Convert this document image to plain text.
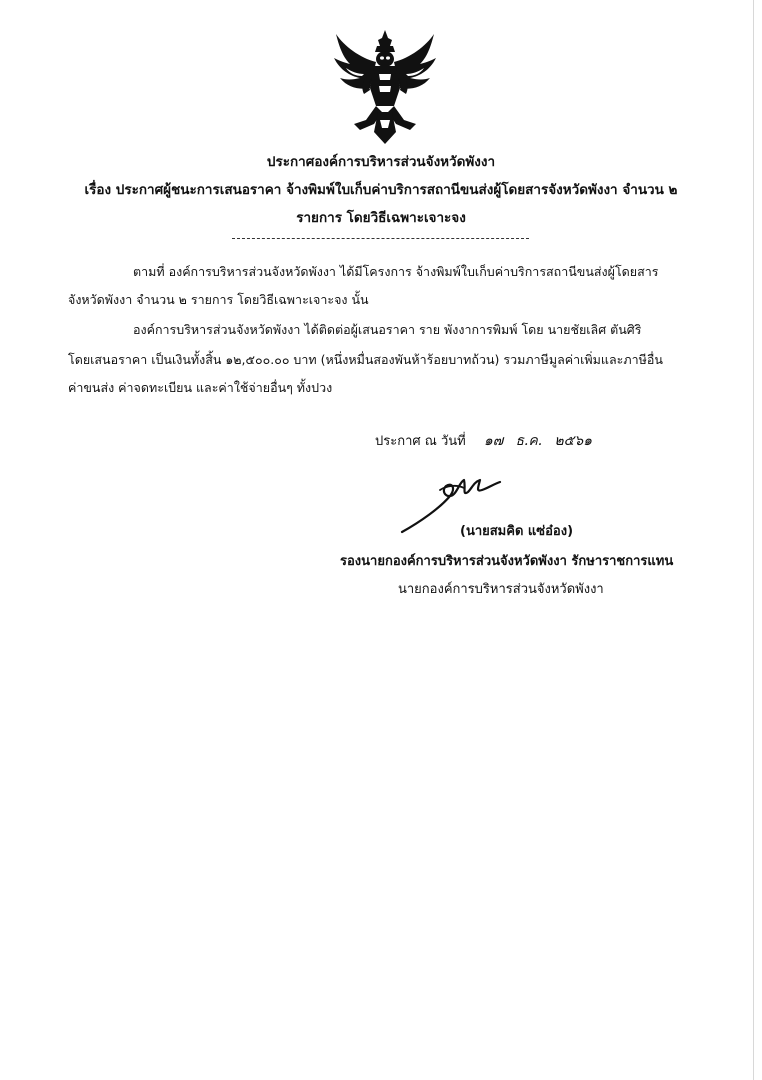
ประกาศองค์การบริหารส่วนจังหวัดพังงา
เรื่อง ประกาศผู้ชนะการเสนอราคา จ้างพิมพ์ใบเก็บค่าบริการสถานีขนส่งผู้โดยสารจังหวัดพังงา จำนวน ๒
รายการ โดยวิธีเฉพาะเจาะจง
ตามที่ องค์การบริหารส่วนจังหวัดพังงา ได้มีโครงการ จ้างพิมพ์ใบเก็บค่าบริการสถานีขนส่งผู้โดยสาร
จังหวัดพังงา จำนวน ๒ รายการ โดยวิธีเฉพาะเจาะจง นั้น
องค์การบริหารส่วนจังหวัดพังงา ได้ติดต่อผู้เสนอราคา ราย พังงาการพิมพ์ โดย นายชัยเลิศ ตันศิริ
โดยเสนอราคา เป็นเงินทั้งสิ้น ๑๒,๕๐๐.๐๐ บาท (หนึ่งหมื่นสองพันห้าร้อยบาทถ้วน) รวมภาษีมูลค่าเพิ่มและภาษีอื่น
ค่าขนส่ง ค่าจดทะเบียน และค่าใช้จ่ายอื่นๆ ทั้งปวง
ประกาศ ณ วันที่ ๑๗ ธ.ค. ๒๕๖๑
(นายสมคิด แซ่อ๋อง)
รองนายกองค์การบริหารส่วนจังหวัดพังงา รักษาราชการแทน
นายกองค์การบริหารส่วนจังหวัดพังงา
